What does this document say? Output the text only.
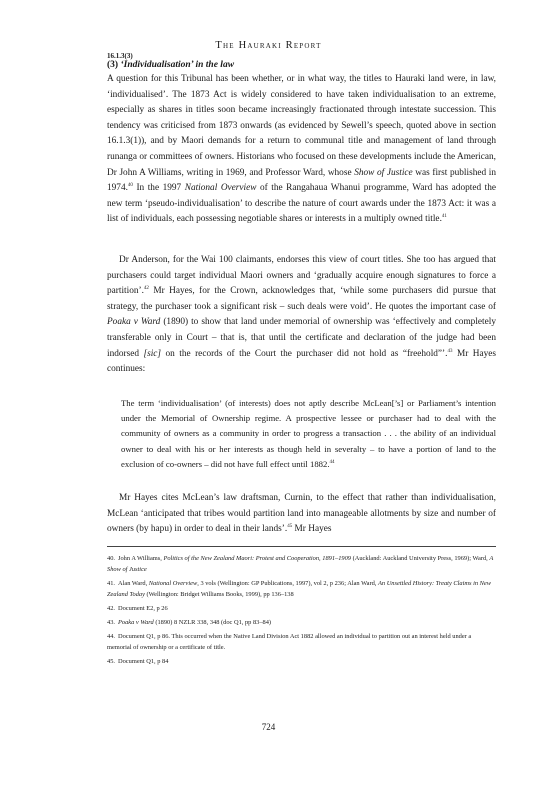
The Hauraki Report
16.1.3(3)
(3) ‘Individualisation’ in the law

A question for this Tribunal has been whether, or in what way, the titles to Hauraki land were, in law, ‘individualised’. The 1873 Act is widely considered to have taken individualisation to an extreme, especially as shares in titles soon became increasingly fractionated through intestate succession. This tendency was criticised from 1873 onwards (as evidenced by Sewell’s speech, quoted above in section 16.1.3(1)), and by Maori demands for a return to communal title and management of land through runanga or committees of owners. Historians who focused on these developments include the American, Dr John A Williams, writing in 1969, and Professor Ward, whose Show of Justice was first published in 1974.40 In the 1997 National Overview of the Rangahaua Whanui programme, Ward has adopted the new term ‘pseudo-individualisation’ to describe the nature of court awards under the 1873 Act: it was a list of individuals, each possessing negotiable shares or interests in a multiply owned title.$^{41}$

Dr Anderson, for the Wai 100 claimants, endorses this view of court titles. She too has argued that purchasers could target individual Maori owners and ‘gradually acquire enough signatures to force a partition’.$^{42}$ Mr Hayes, for the Crown, acknowledges that, ‘while some purchasers did pursue that strategy, the purchaser took a significant risk – such deals were void’. He quotes the important case of Poaka v Ward (1890) to show that land under memorial of ownership was ‘effectively and completely transferable only in Court – that is, that until the certificate and declaration of the judge had been indorsed [sic] on the records of the Court the purchaser did not hold as “freehold”’.$^{43}$ Mr Hayes continues:

The term ‘individualisation’ (of interests) does not aptly describe McLean[’s] or Parliament’s intention under the Memorial of Ownership regime. A prospective lessee or purchaser had to deal with the community of owners as a community in order to progress a transaction . . . the ability of an individual owner to deal with his or her interests as though held in severalty – to have a portion of land to the exclusion of co-owners – did not have full effect until 1882.44

Mr Hayes cites McLean’s law draftsman, Curnin, to the effect that rather than individualisation, McLean ‘anticipated that tribes would partition land into manageable allotments by size and number of owners (by hapu) in order to deal in their lands’.$^{45}$ Mr Hayes

40. John A Williams, Politics of the New Zealand Maori: Protest and Cooperation, 1891–1909 (Auckland: Auckland University Press, 1969); Ward, A Show of Justice

41. Alan Ward, National Overview, 3 vols (Wellington: GP Publications, 1997), vol 2, p 236; Alan Ward, An Unsettled History: Treaty Claims in New Zealand Today (Wellington: Bridget Williams Books, 1999), pp 136–138

42. Document E2, p 26

43. Poaka v Ward (1890) 8 NZLR 338, 348 (doc Q1, pp 83–84)

44. Document Q1, p 86. This occurred when the Native Land Division Act 1882 allowed an individual to partition out an interest held under a memorial of ownership or a certificate of title.

45. Document Q1, p 84

724
